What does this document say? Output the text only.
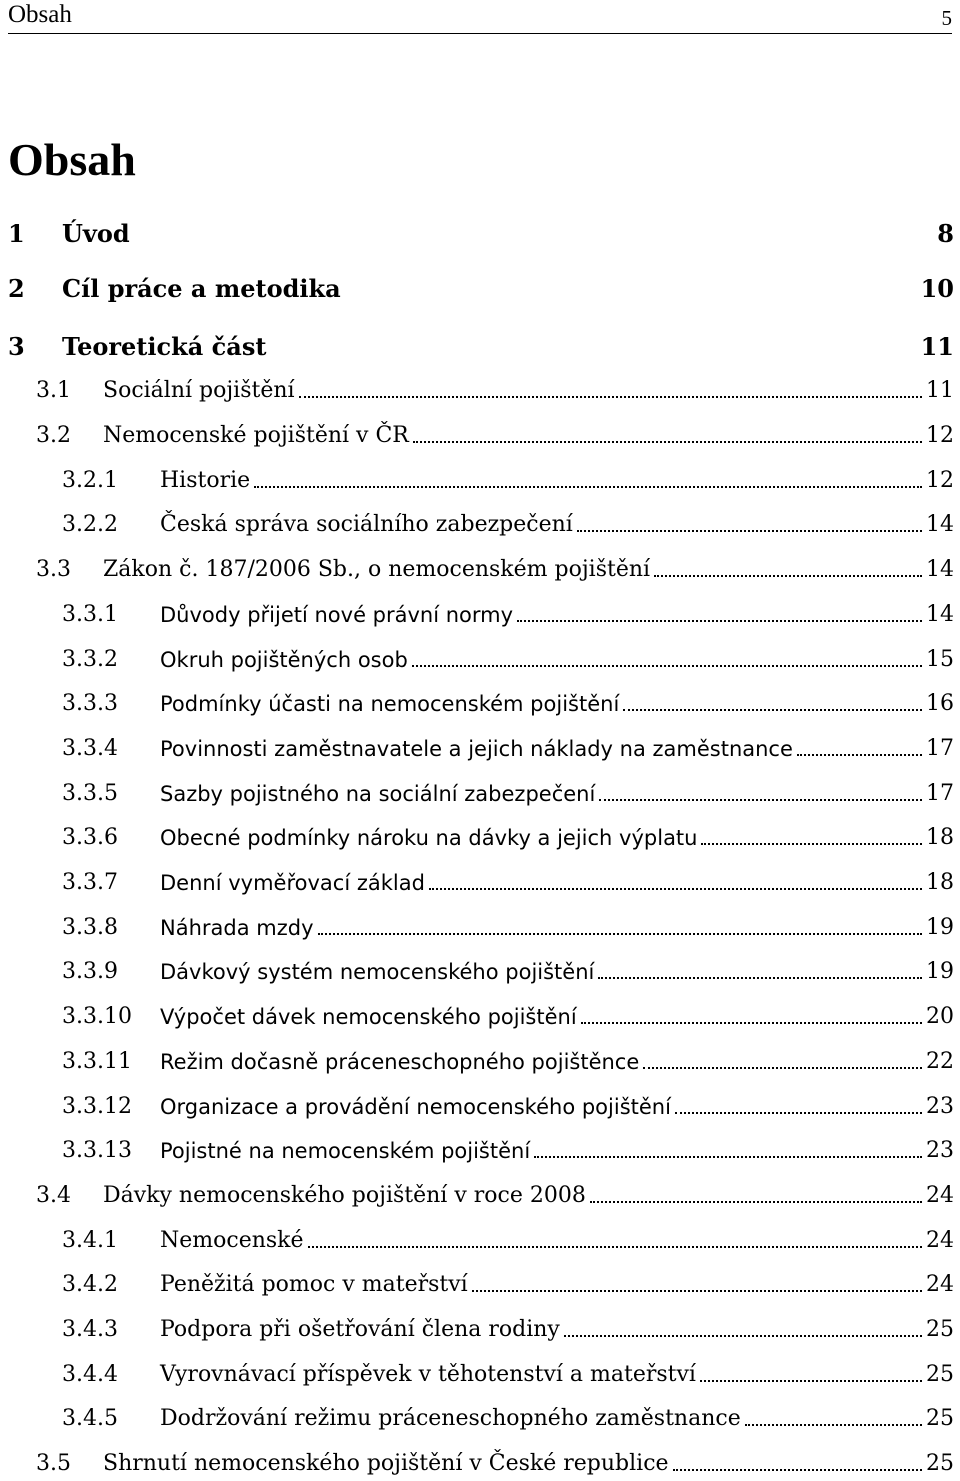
Obsah	5
Obsah
1 Úvod	8
2 Cíl práce a metodika	10
3 Teoretická část	11
3.1 Sociální pojištění	11
3.2 Nemocenské pojištění v ČR	12
3.2.1 Historie	12
3.2.2 Česká správa sociálního zabezpečení	14
3.3 Zákon č. 187/2006 Sb., o nemocenském pojištění	14
3.3.1 Důvody přijetí nové právní normy	14
3.3.2 Okruh pojištěných osob	15
3.3.3 Podmínky účasti na nemocenském pojištění	16
3.3.4 Povinnosti zaměstnavatele a jejich náklady na zaměstnance	17
3.3.5 Sazby pojistného na sociální zabezpečení	17
3.3.6 Obecné podmínky nároku na dávky a jejich výplatu	18
3.3.7 Denní vyměřovací základ	18
3.3.8 Náhrada mzdy	19
3.3.9 Dávkový systém nemocenského pojištění	19
3.3.10 Výpočet dávek nemocenského pojištění	20
3.3.11 Režim dočasně práceneschopného pojištěnce	22
3.3.12 Organizace a provádění nemocenského pojištění	23
3.3.13 Pojistné na nemocenském pojištění	23
3.4 Dávky nemocenského pojištění v roce 2008	24
3.4.1 Nemocenské	24
3.4.2 Peněžitá pomoc v mateřství	24
3.4.3 Podpora při ošetřování člena rodiny	25
3.4.4 Vyrovnávací příspěvek v těhotenství a mateřství	25
3.4.5 Dodržování režimu práceneschopného zaměstnance	25
3.5 Shrnutí nemocenského pojištění v České republice	25
